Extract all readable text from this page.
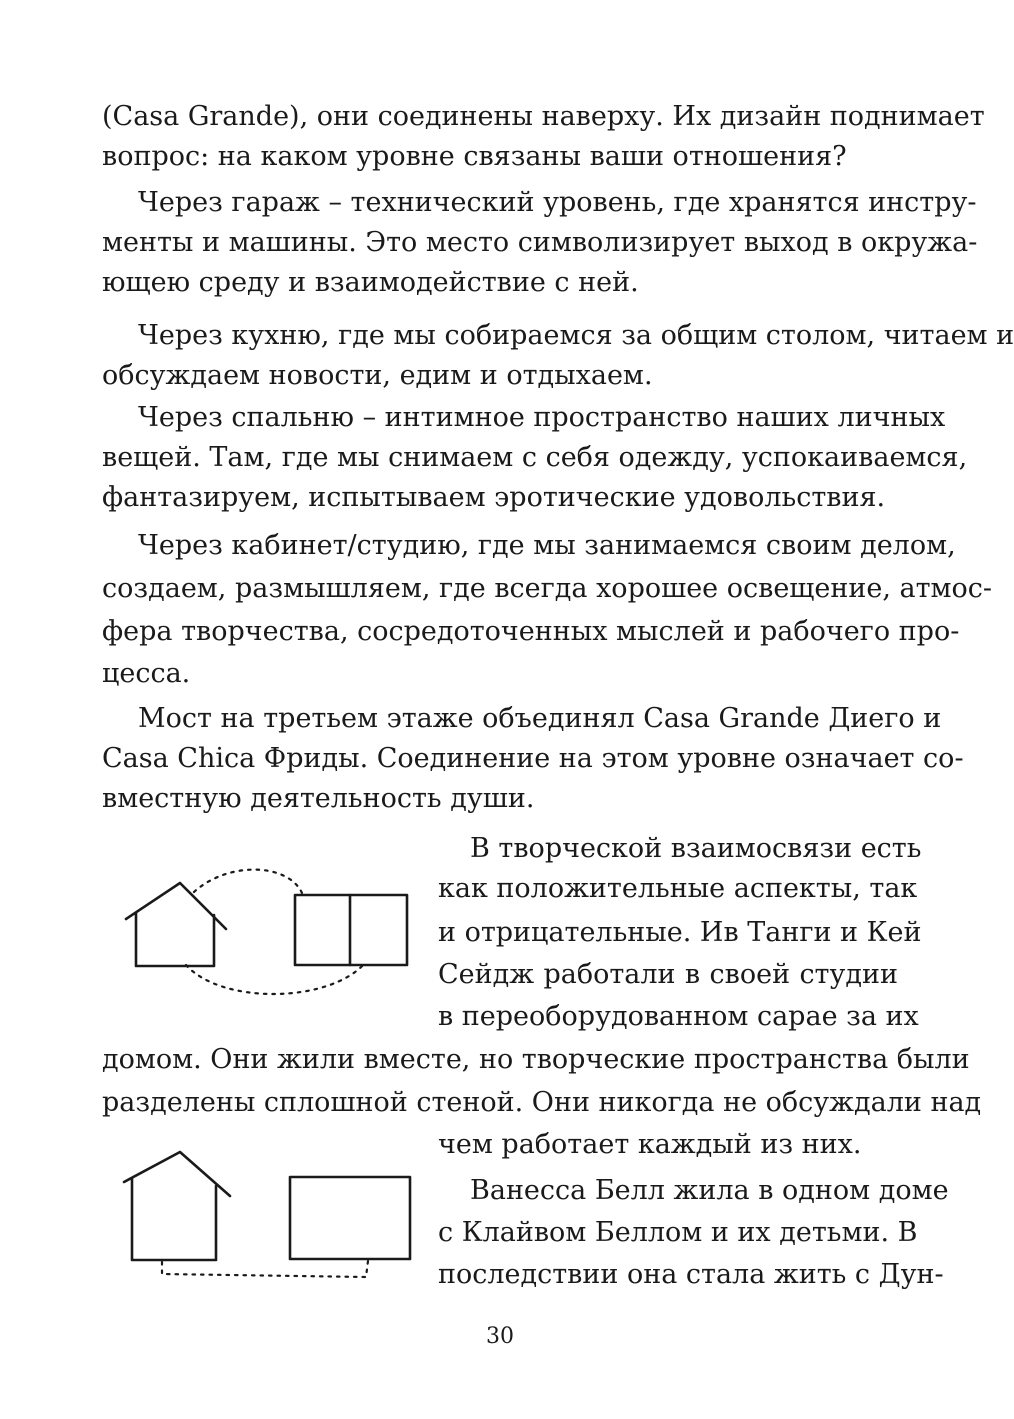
(Casa Grande), они соединены наверху. Их дизайн поднимает

вопрос: на каком уровне связаны ваши отношения?

Через гараж – технический уровень, где хранятся инстру-

менты и машины. Это место символизирует выход в окружа-

ющею среду и взаимодействие с ней.

Через кухню, где мы собираемся за общим столом, читаем и

обсуждаем новости, едим и отдыхаем.

Через спальню – интимное пространство наших личных

вещей. Там, где мы снимаем с себя одежду, успокаиваемся,

фантазируем, испытываем эротические удовольствия.

Через кабинет/студию, где мы занимаемся своим делом,

создаем, размышляем, где всегда хорошее освещение, атмос-

фера творчества, сосредоточенных мыслей и рабочего про-

цесса.

Мост на третьем этаже объединял Casa Grande Диего и

Casa Chica Фриды. Соединение на этом уровне означает со-

вместную деятельность души.

В творческой взаимосвязи есть

как положительные аспекты, так

и отрицательные. Ив Танги и Кей

Сейдж работали в своей студии

в переоборудованном сарае за их

домом. Они жили вместе, но творческие пространства были

разделены сплошной стеной. Они никогда не обсуждали над

чем работает каждый из них.

Ванесса Белл жила в одном доме

с Клайвом Беллом и их детьми. В

последствии она стала жить с Дун-

30
